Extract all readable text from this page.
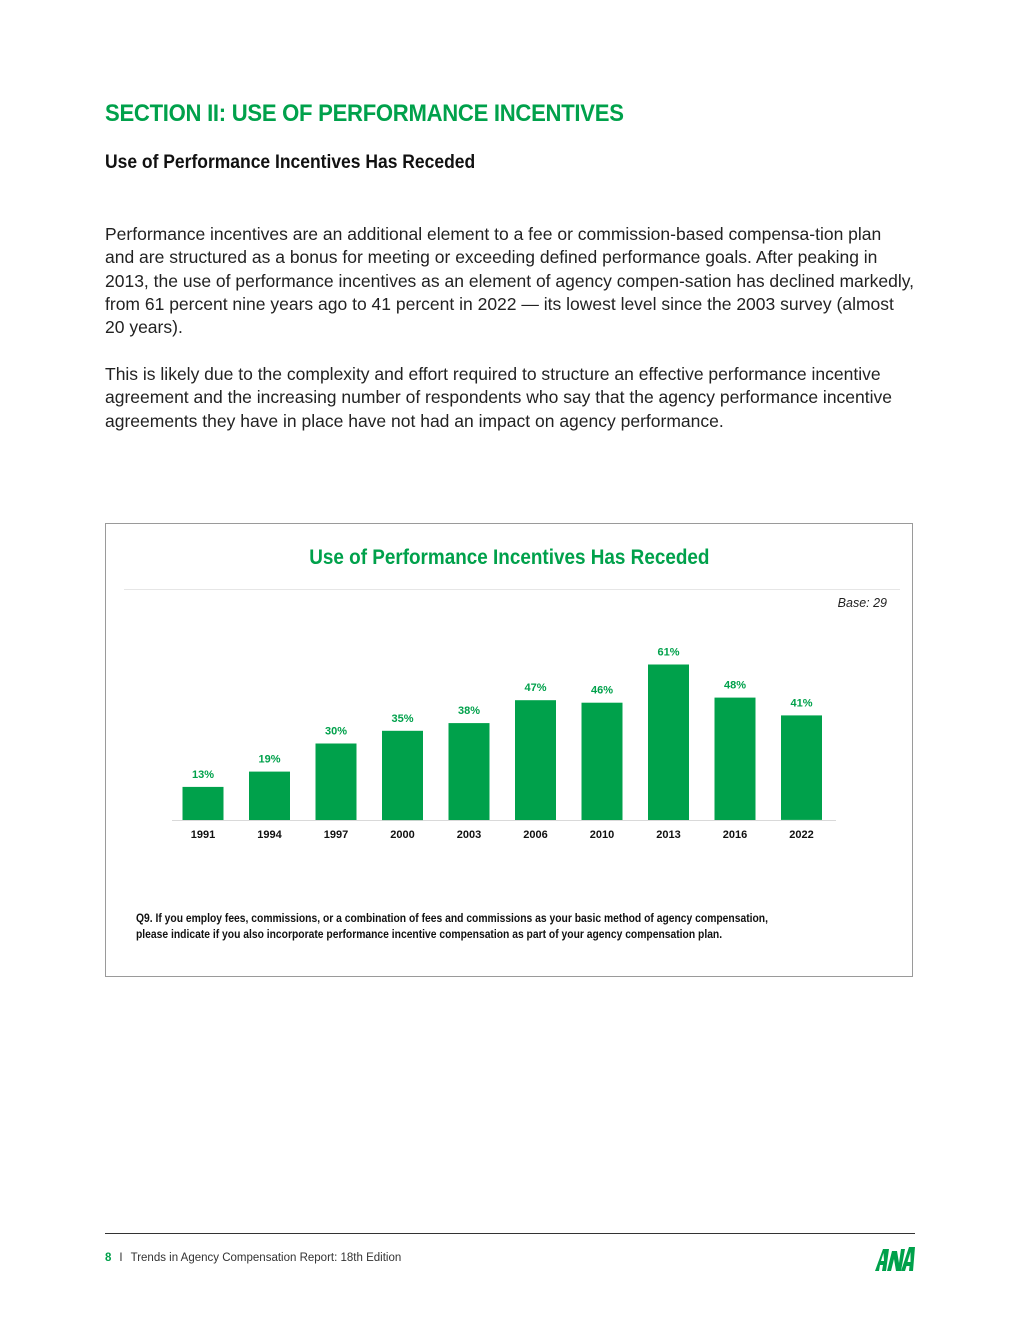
SECTION II: USE OF PERFORMANCE INCENTIVES
Use of Performance Incentives Has Receded

Performance incentives are an additional element to a fee or commission-based compensa-tion plan and are structured as a bonus for meeting or exceeding defined performance goals. After peaking in 2013, the use of performance incentives as an element of agency compen-sation has declined markedly, from 61 percent nine years ago to 41 percent in 2022 — its lowest level since the 2003 survey (almost 20 years).

This is likely due to the complexity and effort required to structure an effective performance incentive agreement and the increasing number of respondents who say that the agency performance incentive agreements they have in place have not had an impact on agency performance.

Use of Performance Incentives Has Receded

Base: 29

13%
1991
19%
1994
30%
1997
35%
2000
38%
2003
47%
2006
46%
2010
61%
2013
48%
2016
41%
2022

Q9. If you employ fees, commissions, or a combination of fees and commissions as your basic method of agency compensation,
please indicate if you also incorporate performance incentive compensation as part of your agency compensation plan.

8 I Trends in Agency Compensation Report: 18th Edition
